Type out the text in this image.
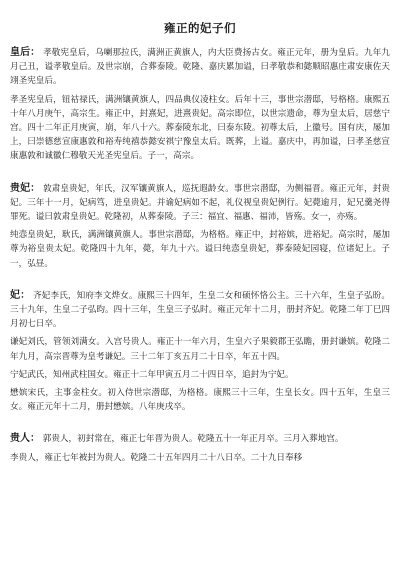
雍正的妃子们

皇后： 孝敬宪皇后，乌喇那拉氏，满洲正黄旗人，内大臣费扬古女。雍正元年，册为皇后。九年九月己丑，谥孝敬皇后。及世宗崩，合葬泰陵。乾隆、嘉庆累加谥，曰孝敬恭和懿顺昭惠庄肃安康佐天翊圣宪皇后。

孝圣宪皇后，钮祜禄氏，满洲镶黄旗人，四品典仪凌柱女。后年十三，事世宗潜邸，号格格。康熙五十年八月庚午，高宗生。雍正中，封熹妃，进熹贵妃。高宗即位，以世宗遗命，尊为皇太后，居慈宁宫。四十二年正月庚寅，崩，年八十六。葬泰陵东北，曰泰东陵。初尊太后，上徽号。国有庆，屡加上，曰崇德慈宣康惠敦和裕寿纯禧恭懿安祺宁豫皇太后。既葬，上谥。嘉庆中，再加谥，曰孝圣慈宣康惠敦和诚徽仁穆敬天光圣宪皇后。子一，高宗。

贵妃： 敦肃皇贵妃，年氏，汉军镶黄旗人，巡抚遐龄女。事世宗潜邸，为侧福晋。雍正元年，封贵妃。三年十一月，妃病笃，进皇贵妃。并谕妃病如不起，礼仪视皇贵妃例行。妃薨逾月，妃兄羹尧得罪死。谥曰敦肃皇贵妃。乾隆初，从葬泰陵。子三：福宜、福惠、福沛，皆殇。女一，亦殇。

纯悫皇贵妃，耿氏，满洲镶黄旗人。事世宗潜邸，为格格。雍正中，封裕嫔，进裕妃。高宗时，屡加尊为裕皇贵太妃。乾隆四十九年，薨，年九十六。谥曰纯悫皇贵妃，葬泰陵妃园寝，位诸妃上。子一，弘昼。

妃： 齐妃李氏，知府李文烨女。康熙三十四年，生皇二女和硕怀恪公主。三十六年，生皇子弘昐。三十九年，生皇二子弘昀。四十三年，生皇三子弘时。雍正元年十二月，册封齐妃。乾隆二年丁巳四月初七日卒。

谦妃刘氏，管领刘满女。入宫号贵人。雍正十一年六月，生皇六子果毅郡王弘瞻，册封谦嫔。乾隆二年九月，高宗晋尊为皇考谦妃。三十二年丁亥五月二十日卒，年五十四。

宁妃武氏，知州武柱国女。雍正十二年甲寅五月二十四日卒，追封为宁妃。

懋嫔宋氏，主事金柱女。初入侍世宗潜邸，为格格。康熙三十三年，生皇长女。四十五年，生皇三女。雍正元年十二月，册封懋嫔。八年庚戌卒。

贵人： 郭贵人，初封常在，雍正七年晋为贵人。乾隆五十一年正月卒。三月入葬地宫。

李贵人，雍正七年被封为贵人。乾隆二十五年四月二十八日卒。二十九日奉移
